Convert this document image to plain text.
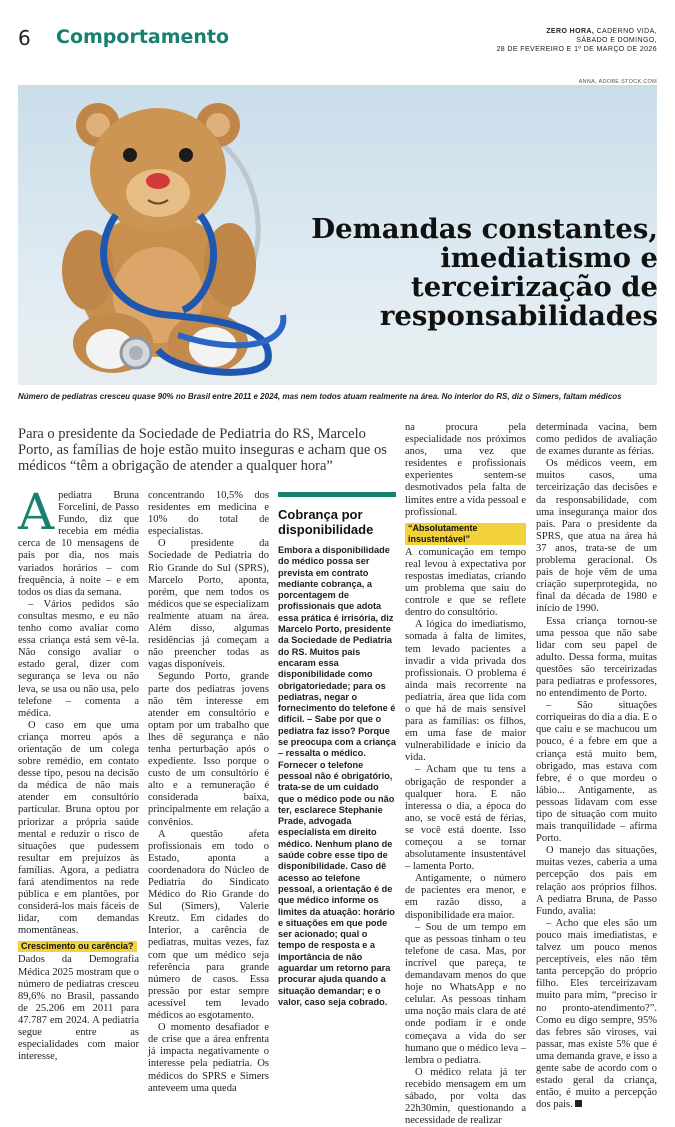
6 Comportamento	ZERO HORA, CADERNO VIDA,
SÁBADO E DOMINGO,
28 DE FEVEREIRO E 1º DE MARÇO DE 2026
ANNA, ADOBE.STOCK.COM
Demandas constantes,
imediatismo e
terceirização de
responsabilidades
Número de pediatras cresceu quase 90% no Brasil entre 2011 e 2024, mas nem todos atuam realmente na área. No interior do RS, diz o Simers, faltam médicos
Para o presidente da Sociedade de Pediatria do RS, Marcelo Porto, as famílias de hoje estão muito inseguras e acham que os médicos “têm a obrigação de atender a qualquer hora”

Apediatra Bruna Forcelini, de Passo Fundo, diz que recebia em média cerca de 10 mensagens de pais por dia, nos mais variados horários – com frequência, à noite – e em todos os dias da semana.

– Vários pedidos são consultas mesmo, e eu não tenho como avaliar como essa criança está sem vê-la. Não consigo avaliar o estado geral, dizer com segurança se leva ou não leva, se usa ou não usa, pelo telefone – comenta a médica.

O caso em que uma criança morreu após a orientação de um colega sobre remédio, em contato desse tipo, pesou na decisão da médica de não mais atender em consultório particular. Bruna optou por priorizar a própria saúde mental e reduzir o risco de situações que pudessem resultar em prejuízos às famílias. Agora, a pediatra fará atendimentos na rede pública e em plantões, por considerá-los mais fáceis de lidar, com demandas momentâneas.

Crescimento ou carência?

Dados da Demografia Médica 2025 mostram que o número de pediatras cresceu 89,6% no Brasil, passando de 25.206 em 2011 para 47.787 em 2024. A pediatria segue entre as especialidades com maior interesse,

concentrando 10,5% dos residentes em medicina e 10% do total de especialistas.

O presidente da Sociedade de Pediatria do Rio Grande do Sul (SPRS), Marcelo Porto, aponta, porém, que nem todos os médicos que se especializam realmente atuam na área. Além disso, algumas residências já começam a não preencher todas as vagas disponíveis.

Segundo Porto, grande parte dos pediatras jovens não têm interesse em atender em consultório e optam por um trabalho que lhes dê segurança e não tenha perturbação após o expediente. Isso porque o custo de um consultório é alto e a remuneração é considerada baixa, principalmente em relação a convênios.

A questão afeta profissionais em todo o Estado, aponta a coordenadora do Núcleo de Pediatria do Sindicato Médico do Rio Grande do Sul (Simers), Valerie Kreutz. Em cidades do Interior, a carência de pediatras, muitas vezes, faz com que um médico seja referência para grande número de casos. Essa pressão por estar sempre acessível tem levado médicos ao esgotamento.

O momento desafiador e de crise que a área enfrenta já impacta negativamente o interesse pela pediatria. Os médicos do SPRS e Simers anteveem uma queda

Cobrança por disponibilidade
Embora a disponibilidade do médico possa ser prevista em contrato mediante cobrança, a porcentagem de profissionais que adota essa prática é irrisória, diz Marcelo Porto, presidente da Sociedade de Pediatria do RS. Muitos pais encaram essa disponibilidade como obrigatoriedade; para os pediatras, negar o fornecimento do telefone é difícil. – Sabe por que o pediatra faz isso? Porque se preocupa com a criança – ressalta o médico. Fornecer o telefone pessoal não é obrigatório, trata-se de um cuidado que o médico pode ou não ter, esclarece Stephanie Prade, advogada especialista em direito médico. Nenhum plano de saúde cobre esse tipo de disponibilidade. Caso dê acesso ao telefone pessoal, a orientação é de que médico informe os limites da atuação: horário e situações em que pode ser acionado; qual o tempo de resposta e a importância de não aguardar um retorno para procurar ajuda quando a situação demandar; e o valor, caso seja cobrado.

na procura pela especialidade nos próximos anos, uma vez que residentes e profissionais experientes sentem-se desmotivados pela falta de limites entre a vida pessoal e profissional.

“Absolutamente insustentável”

A comunicação em tempo real levou à expectativa por respostas imediatas, criando um problema que saiu do controle e que se reflete dentro do consultório.

A lógica do imediatismo, somada à falta de limites, tem levado pacientes a invadir a vida privada dos profissionais. O problema é ainda mais recorrente na pediatria, área que lida com o que há de mais sensível para as famílias: os filhos, em uma fase de maior vulnerabilidade e início da vida.

– Acham que tu tens a obrigação de responder a qualquer hora. E não interessa o dia, a época do ano, se você está de férias, se você está doente. Isso começou a se tornar absolutamente insustentável – lamenta Porto.

Antigamente, o número de pacientes era menor, e em razão disso, a disponibilidade era maior.

– Sou de um tempo em que as pessoas tinham o teu telefone de casa. Mas, por incrível que pareça, te demandavam menos do que hoje no WhatsApp e no celular. As pessoas tinham uma noção mais clara de até onde podiam ir e onde começava a vida do ser humano que o médico leva – lembra o pediatra.

O médico relata já ter recebido mensagem em um sábado, por volta das 22h30min, questionando a necessidade de realizar

determinada vacina, bem como pedidos de avaliação de exames durante as férias.

Os médicos veem, em muitos casos, uma terceirização das decisões e da responsabilidade, com uma insegurança maior dos pais. Para o presidente da SPRS, que atua na área há 37 anos, trata-se de um problema geracional. Os pais de hoje vêm de uma criação superprotegida, no final da década de 1980 e início de 1990.

Essa criança tornou-se uma pessoa que não sabe lidar com seu papel de adulto. Dessa forma, muitas questões são terceirizadas para pediatras e professores, no entendimento de Porto.

– São situações corriqueiras do dia a dia. E o que caiu e se machucou um pouco, é a febre em que a criança está muito bem, obrigado, mas estava com febre, é o que mordeu o lábio... Antigamente, as pessoas lidavam com esse tipo de situação com muito mais tranquilidade – afirma Porto.

O manejo das situações, muitas vezes, caberia a uma percepção dos pais em relação aos próprios filhos. A pediatra Bruna, de Passo Fundo, avalia:

– Acho que eles são um pouco mais imediatistas, e talvez um pouco menos perceptíveis, eles não têm tanta percepção do próprio filho. Eles terceirizavam muito para mim, “preciso ir no pronto-atendimento?”. Como eu digo sempre, 95% das febres são viroses, vai passar, mas existe 5% que é uma demanda grave, e isso a gente sabe de acordo com o estado geral da criança, então, é muito a percepção dos pais.
